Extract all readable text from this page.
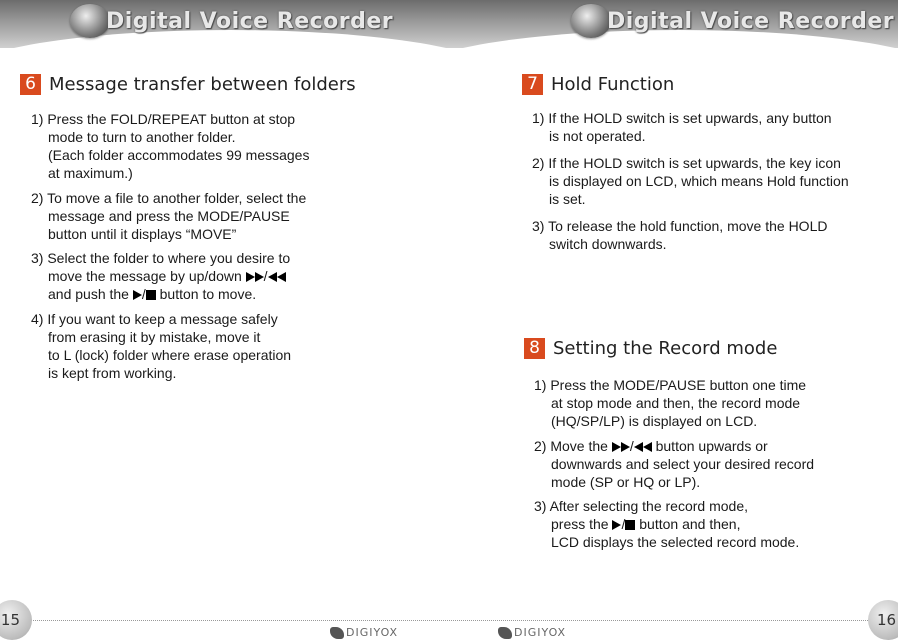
Digital Voice Recorder	Digital Voice Recorder
6 Message transfer between folders
1) Press the FOLD/REPEAT button at stop
mode to turn to another folder.
(Each folder accommodates 99 messages
at maximum.)
2) To move a file to another folder, select the
message and press the MODE/PAUSE
button until it displays “MOVE”
3) Select the folder to where you desire to
move the message by up/down /
and push the / button to move.
4) If you want to keep a message safely
from erasing it by mistake, move it
to L (lock) folder where erase operation
is kept from working.
7 Hold Function
1) If the HOLD switch is set upwards, any button
is not operated.
2) If the HOLD switch is set upwards, the key icon
is displayed on LCD, which means Hold function
is set.
3) To release the hold function, move the HOLD
switch downwards.
8 Setting the Record mode
1) Press the MODE/PAUSE button one time
at stop mode and then, the record mode
(HQ/SP/LP) is displayed on LCD.
2) Move the / button upwards or
downwards and select your desired record
mode (SP or HQ or LP).
3) After selecting the record mode,
press the / button and then,
LCD displays the selected record mode.
15	16
DIGIYOX	DIGIYOX
